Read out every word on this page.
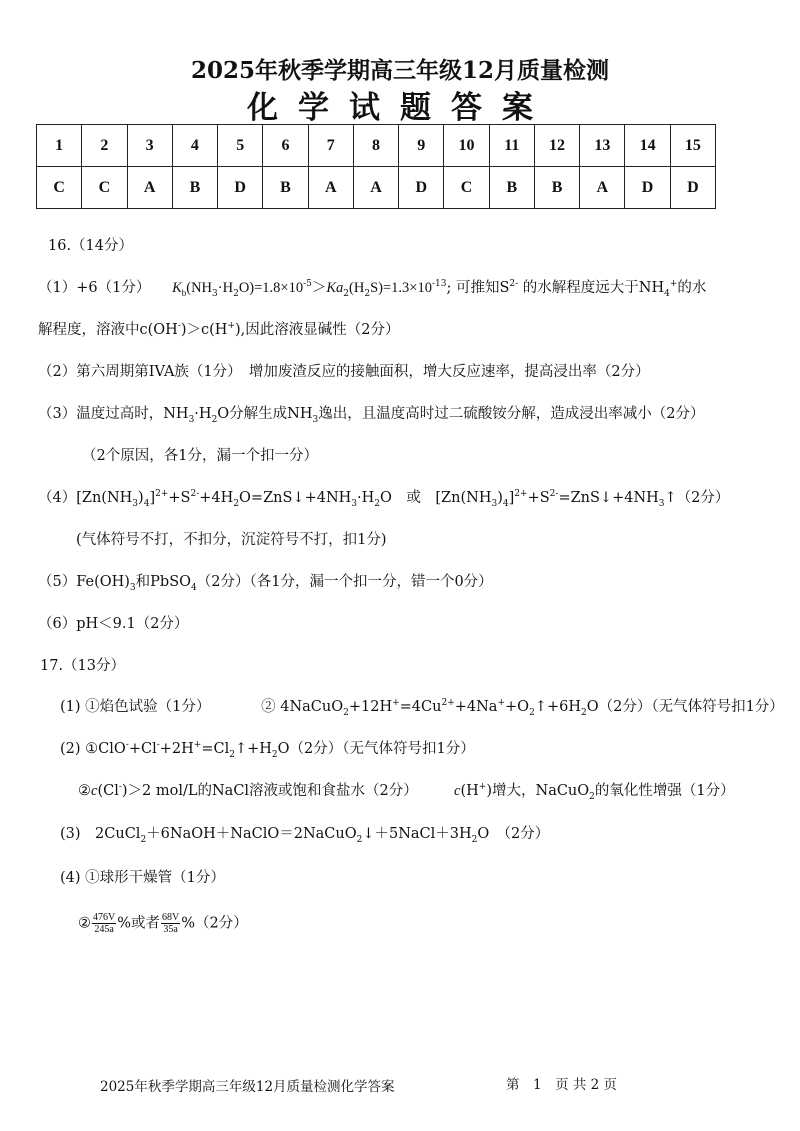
2025年秋季学期高三年级12月质量检测
化学试题答案
1	2	3	4	5	6	7	8	9	10	11	12	13	14	15
C	C	A	B	D	B	A	A	D	C	B	B	A	D	D
16.（14分）
（1）+6（1分）　　 $K_b(NH_3\cdot H_2O)=1.8\times 10^{-5}>Ka_2(H_2S)=1.3\times 10^{-13}$; 可推知$S^{2-}$ 的水解程度远大于$NH_4^+$的水
解程度，溶液中c(OH-)＞c(H+),因此溶液显碱性（2分）
（2）第六周期第IVA族（1分）　增加废渣反应的接触面积，增大反应速率，提高浸出率（2分）
（3）温度过高时，$NH_3\cdot H_2O$分解生成$NH_3$逸出，且温度高时过二硫酸铵分解，造成浸出率减小（2分）
（2个原因，各1分，漏一个扣一分）
$(4)[Zn(NH_3)_4]^{2+}+S^{2-}+4H_2O=ZnS↓+4NH_3\cdot H_2O$　或　$[Zn(NH_3)_4]^{2+}+S^{2-}=ZnS↓+4NH_3↑(2$分）
(气体符号不打，不扣分，沉淀符号不打，扣1分)
$(5)Fe(OH)_3$和PbSO$_4$（2分）（各1分，漏一个扣一分，错一个0分）
（6）pH＜9.1（2分）
17.（13分）
(1) ①焰色试验（1分）　　　　	② $4NaCuO_2+12H^+=4Cu^{2+}+4Na^++O_2↑+6H_2O(2$分）（无气体符号扣1分）
(2) $①ClO^-+Cl^-+2H^+=Cl_2↑+H_2O(2$分）（无气体符号扣1分）
②c(Cl-)＞2 mol/L的NaCl溶液或饱和食盐水（2分）　　　	c(H+)增大，NaCuO$_2$的氧化性增强（1分）
(3)　$2CuCl_2+6NaOH+NaClO=2NaCuO_2↓+5NaCl+3H_2O$　（2分）
(4) ①球形干燥管（1分）
② $\frac{476V}{245a}$ %或者 $\frac{68V}{35a} \%(2$分）
2025年秋季学期高三年级12月质量检测化学答案	第　1　页 共 2 页
